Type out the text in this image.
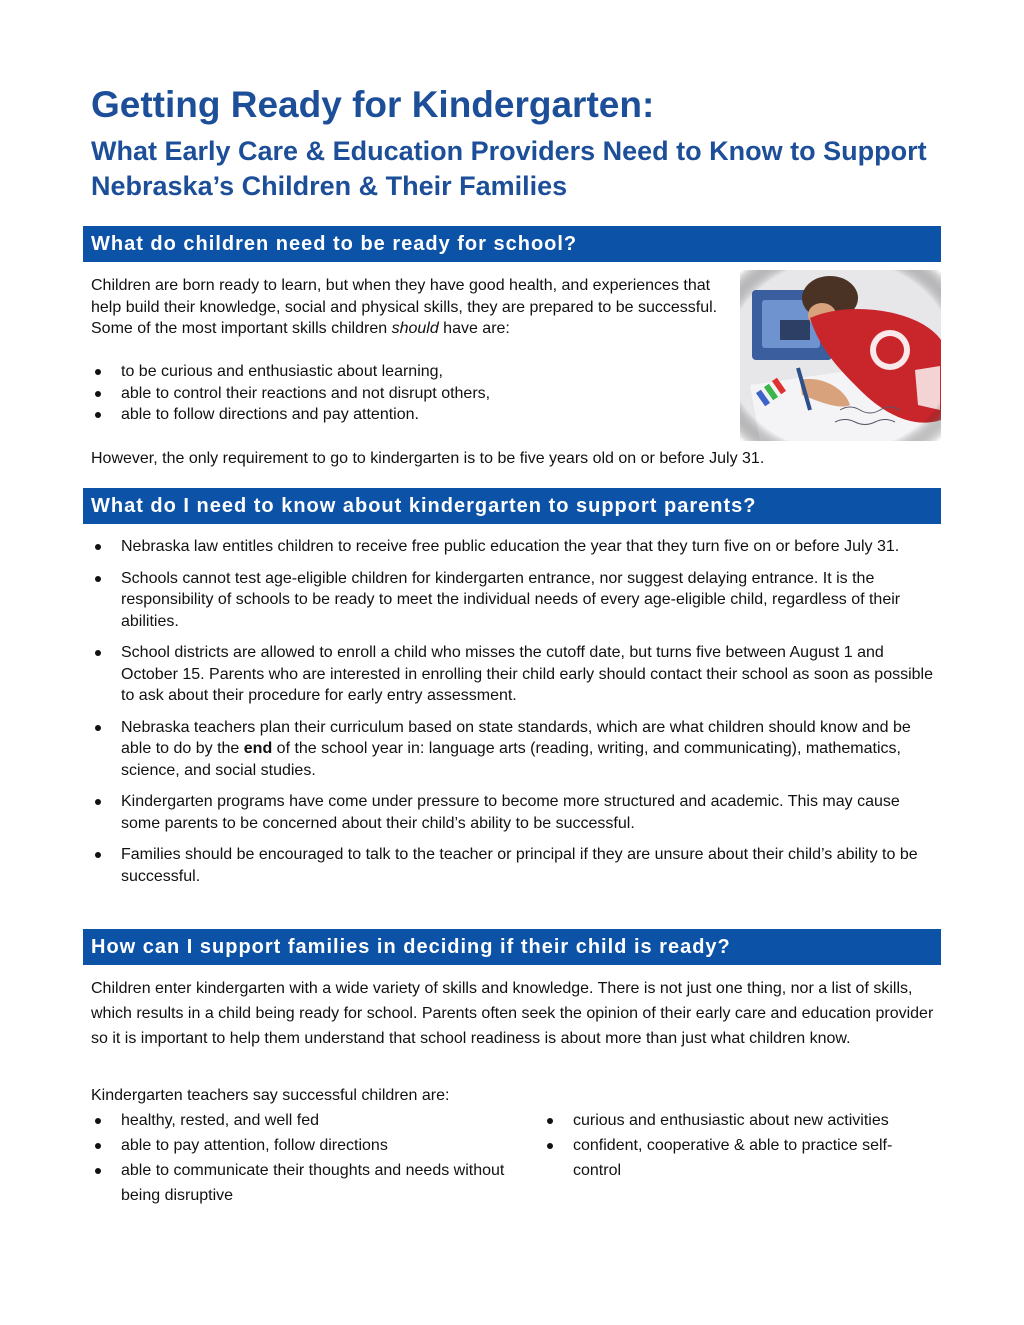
Getting Ready for Kindergarten:
What Early Care & Education Providers Need to Know to Support Nebraska’s Children & Their Families
What do children need to be ready for school?

Children are born ready to learn, but when they have good health, and experiences that help build their knowledge, social and physical skills, they are prepared to be successful. Some of the most important skills children should have are:

to be curious and enthusiastic about learning,
able to control their reactions and not disrupt others,
able to follow directions and pay attention.

However, the only requirement to go to kindergarten is to be five years old on or before July 31.

What do I need to know about kindergarten to support parents?
Nebraska law entitles children to receive free public education the year that they turn five on or before July 31.
Schools cannot test age-eligible children for kindergarten entrance, nor suggest delaying entrance. It is the responsibility of schools to be ready to meet the individual needs of every age-eligible child, regardless of their abilities.
School districts are allowed to enroll a child who misses the cutoff date, but turns five between August 1 and October 15. Parents who are interested in enrolling their child early should contact their school as soon as possible to ask about their procedure for early entry assessment.
Nebraska teachers plan their curriculum based on state standards, which are what children should know and be able to do by the end of the school year in: language arts (reading, writing, and communicating), mathematics, science, and social studies.
Kindergarten programs have come under pressure to become more structured and academic. This may cause some parents to be concerned about their child’s ability to be successful.
Families should be encouraged to talk to the teacher or principal if they are unsure about their child’s ability to be successful.
How can I support families in deciding if their child is ready?

Children enter kindergarten with a wide variety of skills and knowledge. There is not just one thing, nor a list of skills, which results in a child being ready for school. Parents often seek the opinion of their early care and education provider so it is important to help them understand that school readiness is about more than just what children know.

Kindergarten teachers say successful children are:

healthy, rested, and well fed
able to pay attention, follow directions
able to communicate their thoughts and needs without being disruptive
curious and enthusiastic about new activities
confident, cooperative & able to practice self-control
